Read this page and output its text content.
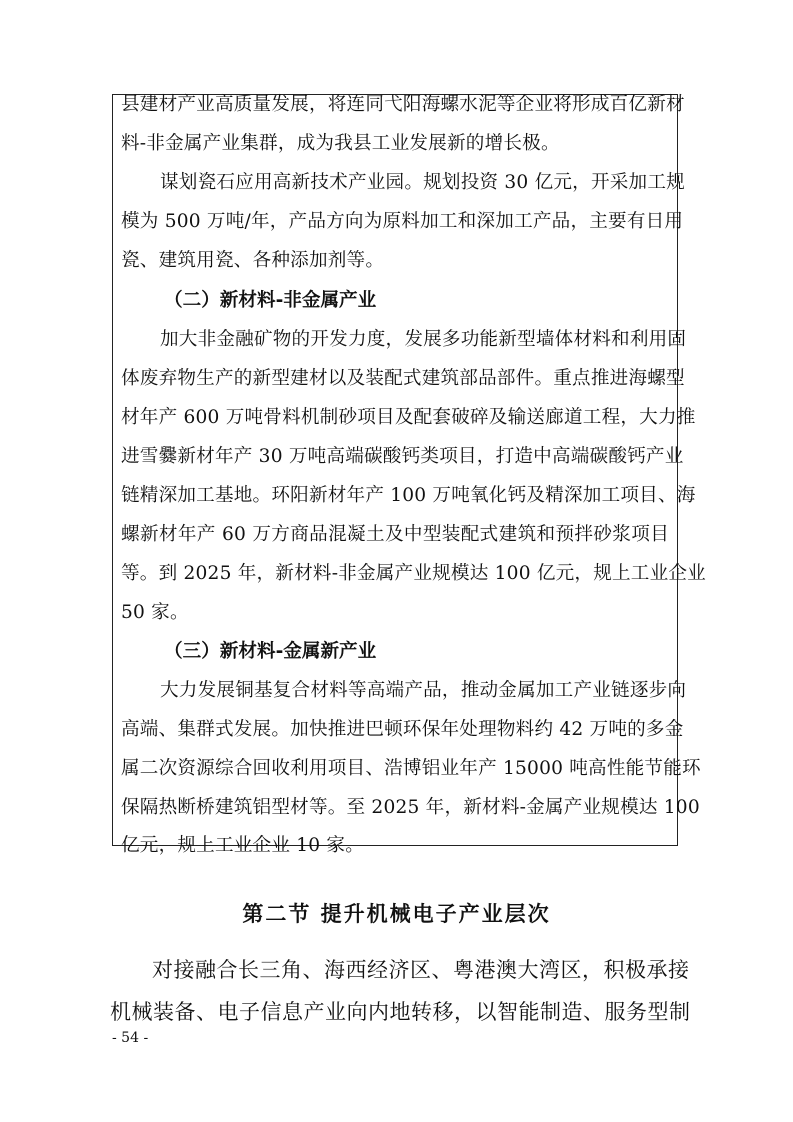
县建材产业高质量发展，将连同弋阳海螺水泥等企业将形成百亿新材
料-非金属产业集群，成为我县工业发展新的增长极。
谋划瓷石应用高新技术产业园。规划投资 30 亿元，开采加工规
模为 500 万吨/年，产品方向为原料加工和深加工产品，主要有日用
瓷、建筑用瓷、各种添加剂等。
（二）新材料-非金属产业
加大非金融矿物的开发力度，发展多功能新型墙体材料和利用固
体废弃物生产的新型建材以及装配式建筑部品部件。重点推进海螺型
材年产 600 万吨骨料机制砂项目及配套破碎及输送廊道工程，大力推
进雪爨新材年产 30 万吨高端碳酸钙类项目，打造中高端碳酸钙产业
链精深加工基地。环阳新材年产 100 万吨氧化钙及精深加工项目、海
螺新材年产 60 万方商品混凝土及中型装配式建筑和预拌砂浆项目
等。到 2025 年，新材料-非金属产业规模达 100 亿元，规上工业企业
50 家。
（三）新材料-金属新产业
大力发展铜基复合材料等高端产品，推动金属加工产业链逐步向
高端、集群式发展。加快推进巴顿环保年处理物料约 42 万吨的多金
属二次资源综合回收利用项目、浩博铝业年产 15000 吨高性能节能环
保隔热断桥建筑铝型材等。至 2025 年，新材料-金属产业规模达 100
第二节 提升机械电子产业层次
对接融合长三角、海西经济区、粤港澳大湾区，积极承接
机械装备、电子信息产业向内地转移，以智能制造、服务型制
- 54 -
亿元，规上工业企业 10 家。
